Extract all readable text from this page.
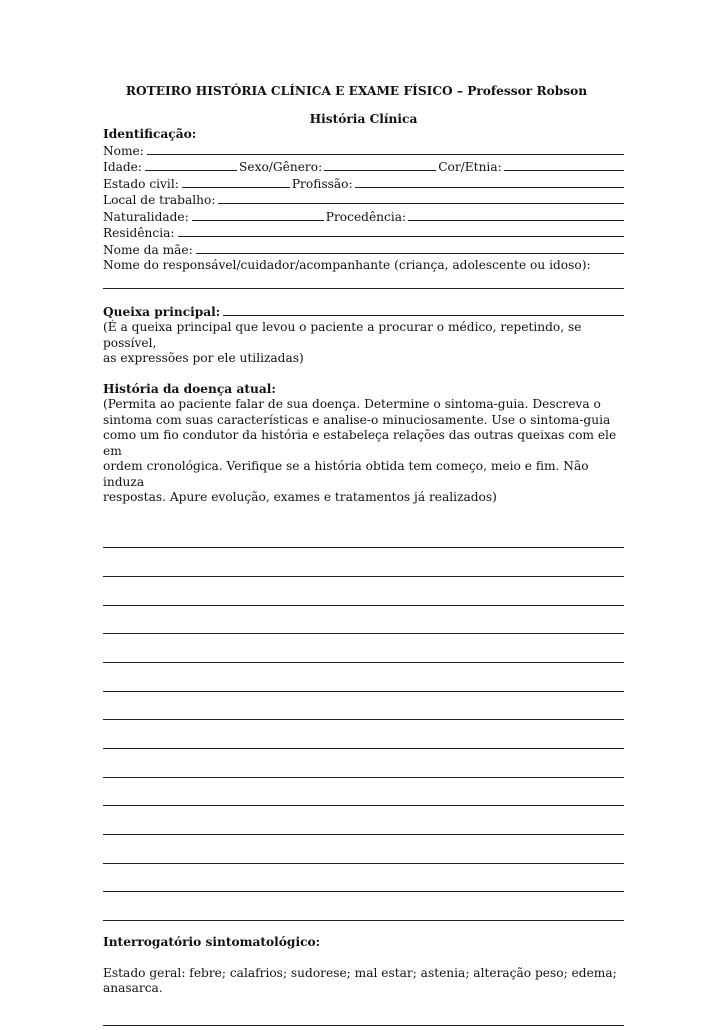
ROTEIRO HISTÓRIA CLÍNICA E EXAME FÍSICO – Professor Robson
História Clínica
Identificação:
Nome:
Idade:	Sexo/Gênero:	Cor/Etnia:
Estado civil:	Profissão:
Local de trabalho:
Naturalidade:	Procedência:
Residência:
Nome da mãe:
Nome do responsável/cuidador/acompanhante (criança, adolescente ou idoso):
Queixa principal:
(É a queixa principal que levou o paciente a procurar o médico, repetindo, se possível,
as expressões por ele utilizadas)
História da doença atual:
(Permita ao paciente falar de sua doença. Determine o sintoma-guia. Descreva o
sintoma com suas características e analise-o minuciosamente. Use o sintoma-guia
como um fio condutor da história e estabeleça relações das outras queixas com ele em
ordem cronológica. Verifique se a história obtida tem começo, meio e fim. Não induza
respostas. Apure evolução, exames e tratamentos já realizados)
Interrogatório sintomatológico:
Estado geral: febre; calafrios; sudorese; mal estar; astenia; alteração peso; edema;
anasarca.
